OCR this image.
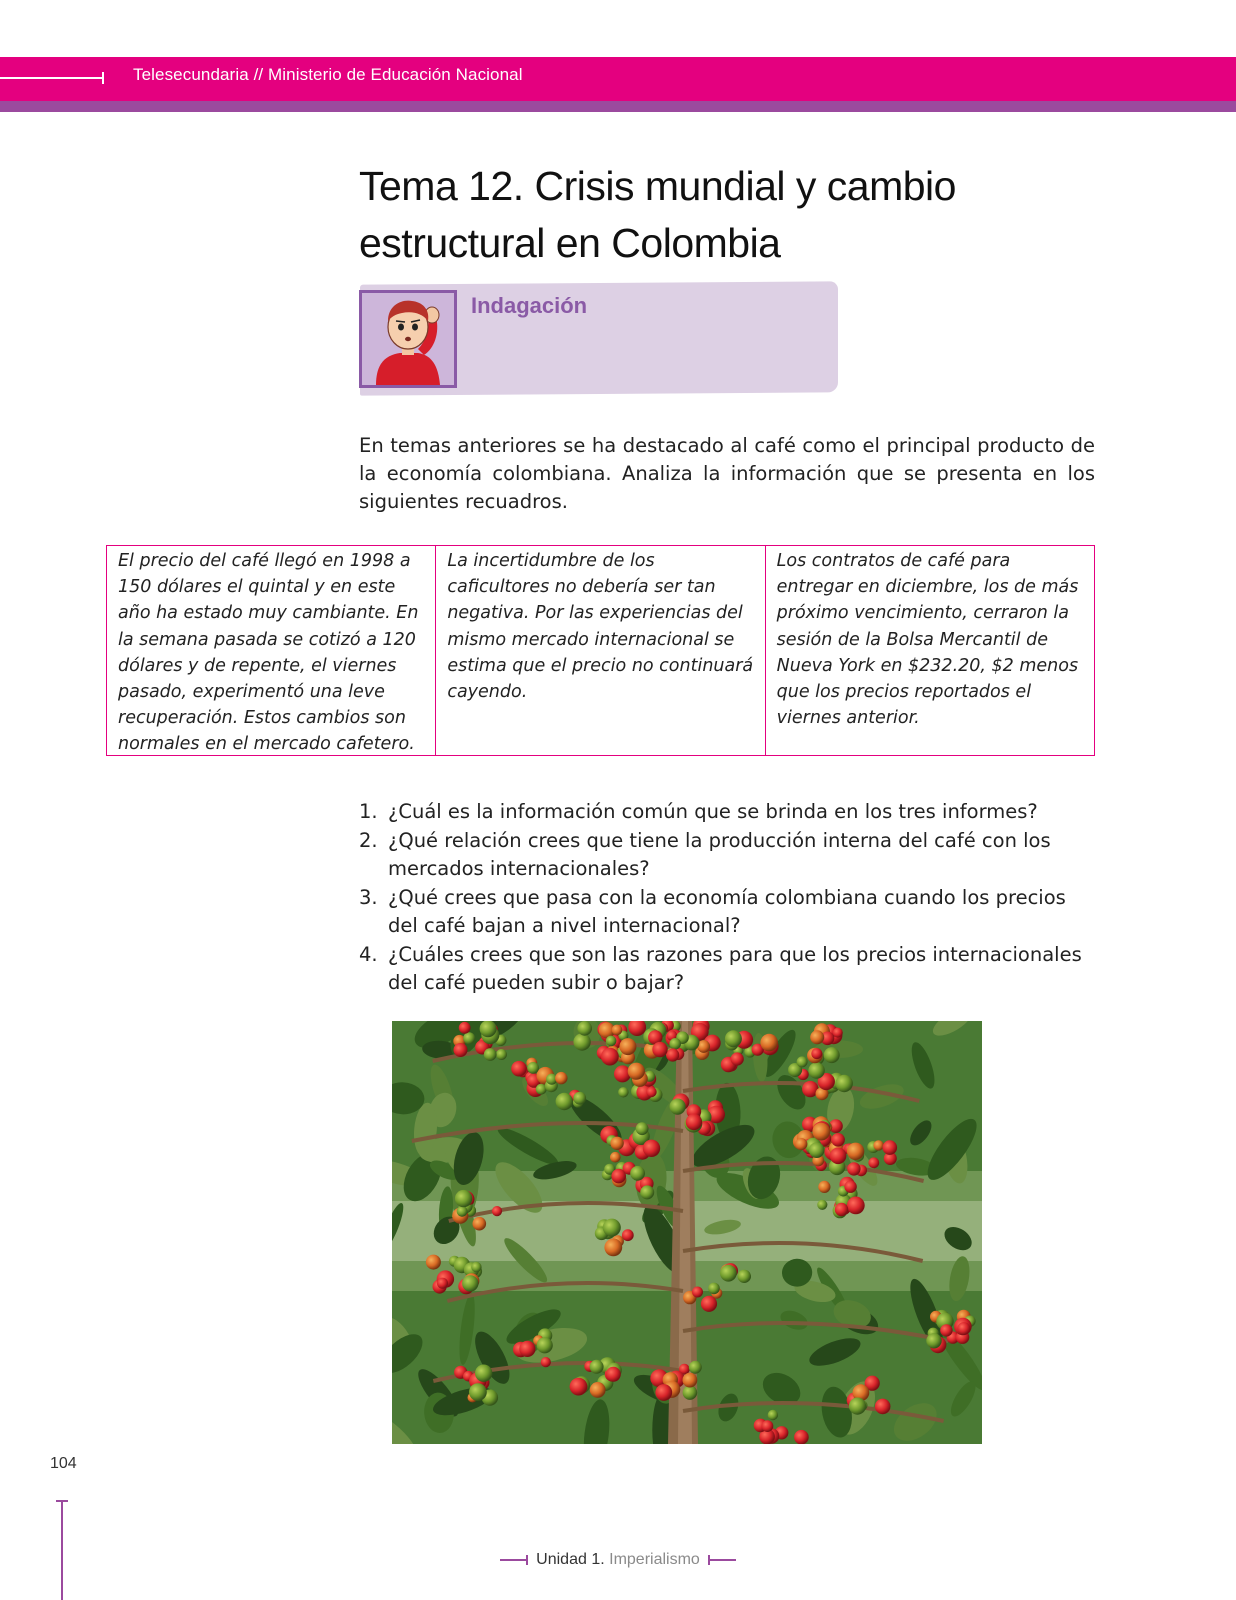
Telesecundaria // Ministerio de Educación Nacional
Tema 12. Crisis mundial y cambio estructural en Colombia
Indagación
En temas anteriores se ha destacado al café como el principal producto de la economía colombiana. Analiza la información que se presenta en los siguientes recuadros.
El precio del café llegó en 1998 a 150 dólares el quintal y en este año ha estado muy cambiante. En la semana pasada se cotizó a 120 dólares y de repente, el viernes pasado, experimentó una leve recuperación. Estos cambios son normales en el mercado cafetero.
La incertidumbre de los caficultores no debería ser tan negativa. Por las experiencias del mismo mercado internacional se estima que el precio no continuará cayendo.
Los contratos de café para entregar en diciembre, los de más próximo vencimiento, cerraron la sesión de la Bolsa Mercantil de Nueva York en $232.20, $2 menos que los precios reportados el viernes anterior.
1. ¿Cuál es la información común que se brinda en los tres informes?
2. ¿Qué relación crees que tiene la producción interna del café con los mercados internacionales?
3. ¿Qué crees que pasa con la economía colombiana cuando los precios del café bajan a nivel internacional?
4. ¿Cuáles crees que son las razones para que los precios internacionales del café pueden subir o bajar?
104
Unidad 1. Imperialismo
